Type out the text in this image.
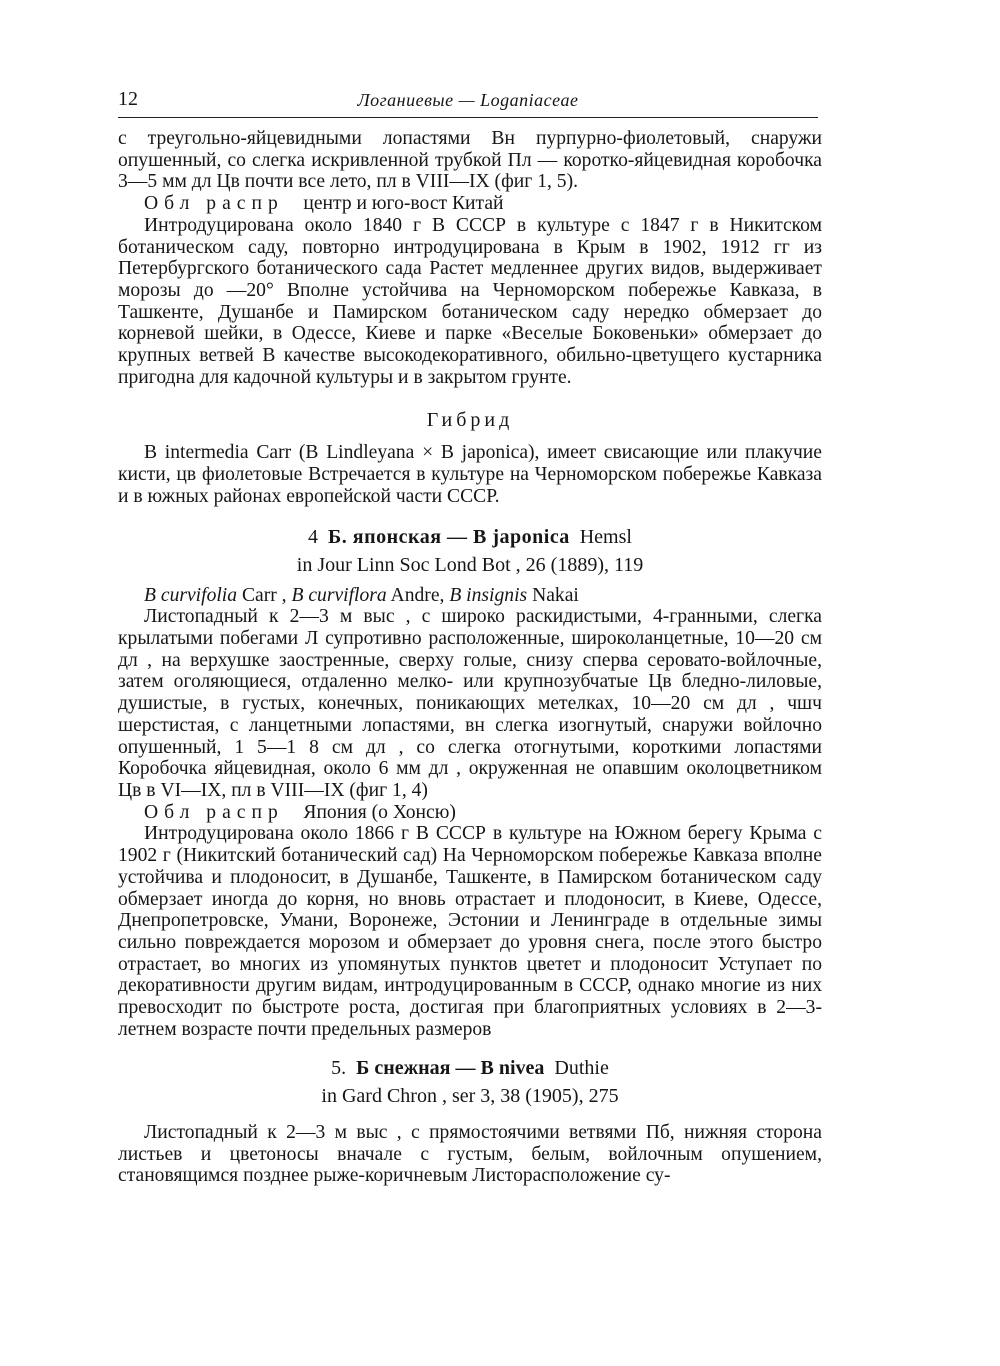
12	Логаниевые — Loganiaceae

с треугольно-яйцевидными лопастями Вн пурпурно-фиолетовый, снаружи опушенный, со слегка искривленной трубкой Пл — коротко-яйцевидная коробочка 3—5 мм дл Цв почти все лето, пл в VIII—IX (фиг 1, 5).

Обл распр центр и юго-вост Китай

Интродуцирована около 1840 г В СССР в культуре с 1847 г в Никитском ботаническом саду, повторно интродуцирована в Крым в 1902, 1912 гг из Петербургского ботанического сада Растет медленнее других видов, выдерживает морозы до —20° Вполне устойчива на Черноморском побережье Кавказа, в Ташкенте, Душанбе и Памирском ботаническом саду нередко обмерзает до корневой шейки, в Одессе, Киеве и парке «Веселые Боковеньки» обмерзает до крупных ветвей В качестве высокодекоративного, обильно-цветущего кустарника пригодна для кадочной культуры и в закрытом грунте.

Гибрид

В intermedia Carr (В Lindleyana × В japonica), имеет свисающие или плакучие кисти, цв фиолетовые Встречается в культуре на Черноморском побережье Кавказа и в южных районах европейской части СССР.

4 Б. японская — В japonica Hemsl

in Jour Linn Soc Lond Bot , 26 (1889), 119

B curvifolia Carr , B curviflora Andre, B insignis Nakai

Листопадный к 2—3 м выс , с широко раскидистыми, 4-гранными, слегка крылатыми побегами Л супротивно расположенные, широколанцетные, 10—20 см дл , на верхушке заостренные, сверху голые, снизу сперва серовато-войлочные, затем оголяющиеся, отдаленно мелко- или крупнозубчатые Цв бледно-лиловые, душистые, в густых, конечных, поникающих метелках, 10—20 см дл , чшч шерстистая, с ланцетными лопастями, вн слегка изогнутый, снаружи войлочно опушенный, 1 5—1 8 см дл , со слегка отогнутыми, короткими лопастями Коробочка яйцевидная, около 6 мм дл , окруженная не опавшим околоцветником Цв в VI—IX, пл в VIII—IX (фиг 1, 4)

Обл распр Япония (о Хонсю)

Интродуцирована около 1866 г В СССР в культуре на Южном берегу Крыма с 1902 г (Никитский ботанический сад) На Черноморском побережье Кавказа вполне устойчива и плодоносит, в Душанбе, Ташкенте, в Памирском ботаническом саду обмерзает иногда до корня, но вновь отрастает и плодоносит, в Киеве, Одессе, Днепропетровске, Умани, Воронеже, Эстонии и Ленинграде в отдельные зимы сильно повреждается морозом и обмерзает до уровня снега, после этого быстро отрастает, во многих из упомянутых пунктов цветет и плодоносит Уступает по декоративности другим видам, интродуцированным в СССР, однако многие из них превосходит по быстроте роста, достигая при благоприятных условиях в 2—3-летнем возрасте почти предельных размеров

5. Б снежная — В nivea Duthie

in Gard Chron , ser 3, 38 (1905), 275

Листопадный к 2—3 м выс , с прямостоячими ветвями Пб, нижняя сторона листьев и цветоносы вначале с густым, белым, войлочным опушением, становящимся позднее рыже-коричневым Листорасположение су-
